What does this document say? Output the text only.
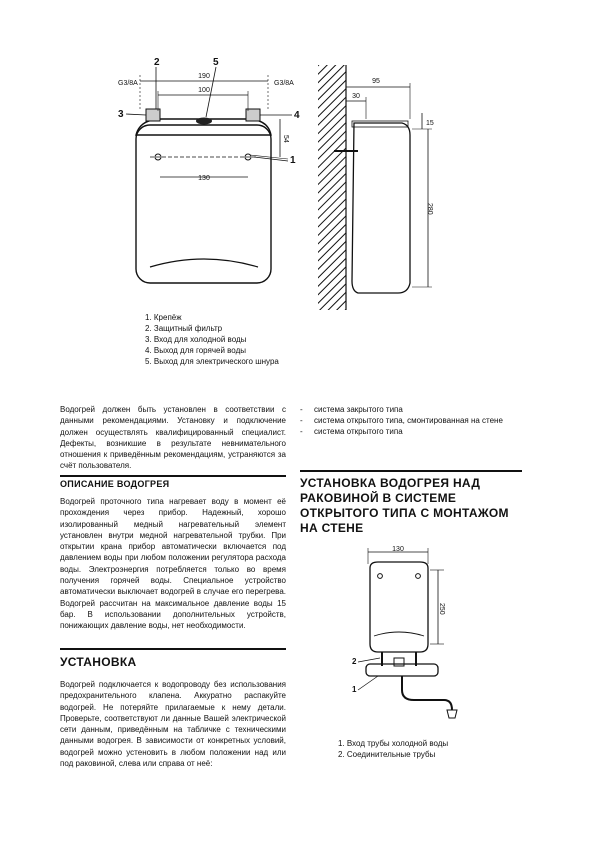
190
100
G3/8A	G3/8A
2	5
3	4
54
1
130
95
30
15
280
1. Крепёж
2. Защитный фильтр
3. Вход для холодной воды
4. Выход для горячей воды
5. Выход для электрического шнура
Водогрей должен быть установлен в соответствии с данными рекомендациями. Установку и подключение должен осуществлять квалифицированный специалист. Дефекты, возникшие в результате невнимательного отношения к приведённым рекомендациям, устраняются за счёт пользователя.
ОПИСАНИЕ ВОДОГРЕЯ
Водогрей проточного типа нагревает воду в момент её прохождения через прибор. Надежный, хорошо изолированный медный нагревательный элемент установлен внутри медной нагревательной трубки. При открытии крана прибор автоматически включается под давлением воды при любом положении регулятора расхода воды. Электроэнергия потребляется только во время получения горячей воды. Специальное устройство автоматически выключает водогрей в случае его перегрева. Водогрей рассчитан на максимальное давление воды 15 бар. В использовании дополнительных устройств, понижающих давление воды, нет необходимости.
УСТАНОВКА
Водогрей подключается к водопроводу без использования предохранительного клапена. Аккуратно распакуйте водогрей. Не потеряйте прилагаемые к нему детали. Проверьте, соответствуют ли данные Вашей электрической сети данным, приведённым на табличке с техническими данными водогрея. В зависимости от конкретных условий, водогрей можно устеновить в любом положении над или под раковиной, слева или справа от неё:
- система закрытого типа
- система открытого типа, смонтированная на стене
- система открытого типа
УСТАНОВКА ВОДОГРЕЯ НАД
РАКОВИНОЙ В СИСТЕМЕ
ОТКРЫТОГО ТИПА С МОНТАЖОМ
НА СТЕНЕ
130
250
2
1
1. Вход трубы холодной воды
2. Соединительные трубы
